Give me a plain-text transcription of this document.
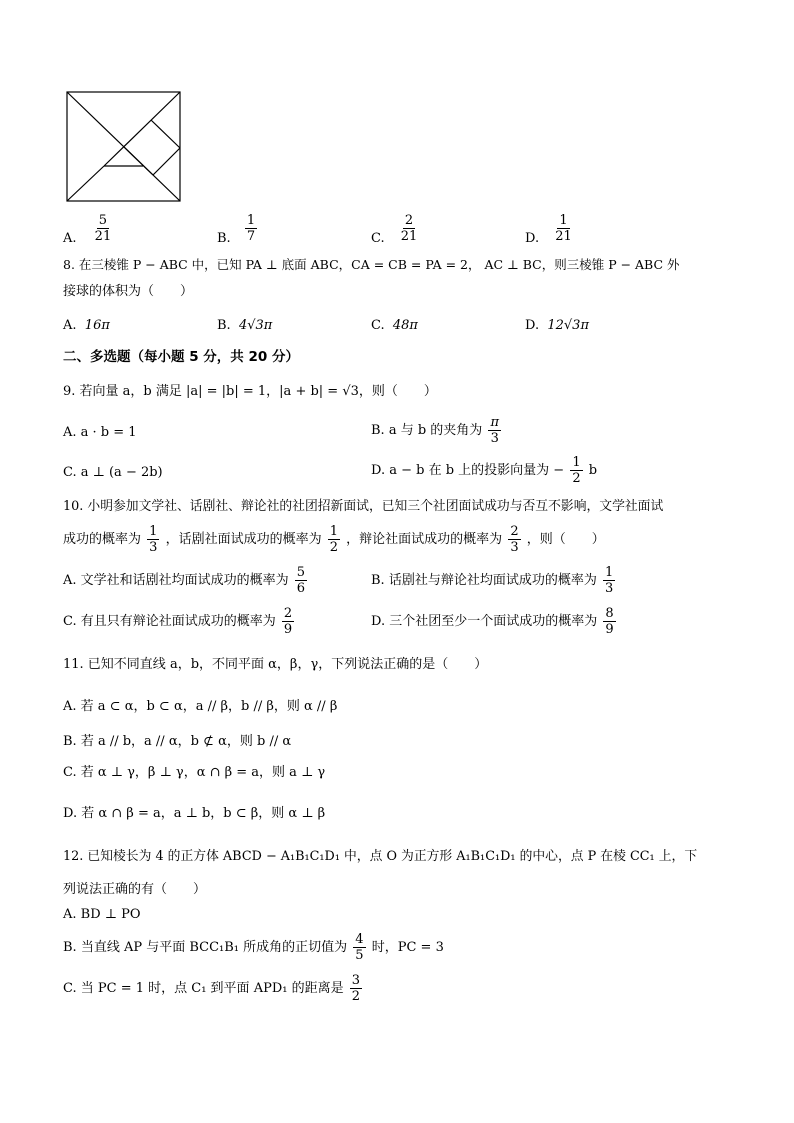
A. $\frac{5}{21}$	B. $\frac{1}{7}$	C. $\frac{2}{21}$	D. $\frac{1}{21}$
8. 在三棱锥 P − ABC 中，已知 PA ⊥ 底面 ABC，CA = CB = PA = 2， AC ⊥ BC，则三棱锥 P − ABC 外
接球的体积为（　　）
A. 16π	B. 4√3π	C. 48π	D. 12√3π
二、多选题（每小题 5 分，共 20 分）
9. 若向量 a，b 满足 |a| = |b| = 1，|a + b| = √3，则（　　）
A. a · b = 1	B. a 与 b 的夹角为 $\frac{\pi}{3}$
C. a ⊥ (a − 2b)	D. a − b 在 b 上的投影向量为 − $\frac{1}{2}$ b
10. 小明参加文学社、话剧社、辩论社的社团招新面试，已知三个社团面试成功与否互不影响，文学社面试
成功的概率为 $\frac{1}{3}$ ，话剧社面试成功的概率为 $\frac{1}{2}$ ，辩论社面试成功的概率为 $\frac{2}{3}$ ，则（　　）
A. 文学社和话剧社均面试成功的概率为 $\frac{5}{6}$	B. 话剧社与辩论社均面试成功的概率为 $\frac{1}{3}$
C. 有且只有辩论社面试成功的概率为 $\frac{2}{9}$	D. 三个社团至少一个面试成功的概率为 $\frac{8}{9}$
11. 已知不同直线 a，b，不同平面 α，β，γ，下列说法正确的是（　　）
A. 若 a ⊂ α，b ⊂ α，a // β，b // β，则 α // β
B. 若 a // b，a // α，b ⊄ α，则 b // α
C. 若 α ⊥ γ，β ⊥ γ，α ∩ β = a，则 a ⊥ γ
D. 若 α ∩ β = a，a ⊥ b，b ⊂ β，则 α ⊥ β
12. 已知棱长为 4 的正方体 ABCD − A₁B₁C₁D₁ 中，点 O 为正方形 A₁B₁C₁D₁ 的中心，点 P 在棱 CC₁ 上，下
列说法正确的有（　　）
A. BD ⊥ PO
B. 当直线 AP 与平面 BCC₁B₁ 所成角的正切值为 $\frac{4}{5}$ 时，PC = 3
C. 当 PC = 1 时，点 C₁ 到平面 APD₁ 的距离是 $\frac{3}{2}$
